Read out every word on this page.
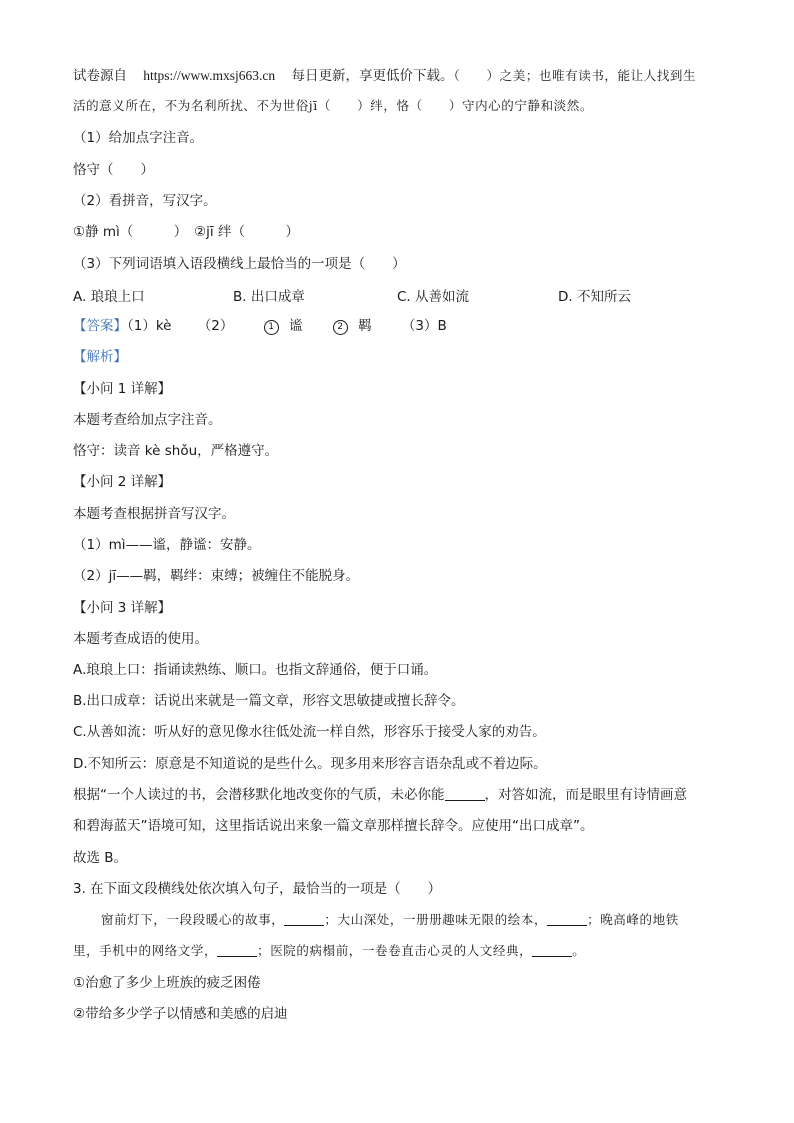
试卷源自 https://www.mxsj663.cn 每日更新，享更低价下载。（　　）之美；也唯有读书，能让人找到生
活的意义所在，不为名利所扰、不为世俗jī（　　）绊，恪（　　）守内心的宁静和淡然。
（1）给加点字注音。
恪守（　　）
（2）看拼音，写汉字。
①静 mì（　　　）　②jī 绊（　　　）
（3）下列词语填入语段横线上最恰当的一项是（　　）
A. 琅琅上口	B. 出口成章	C. 从善如流	D. 不知所云
【答案】（1）kè （2）	1 谧	2 羁 （3）B
【解析】
【小问 1 详解】
本题考查给加点字注音。
恪守：读音 kè shǒu，严格遵守。
【小问 2 详解】
本题考查根据拼音写汉字。
（1）mì——谧，静谧：安静。
（2）jī——羁，羁绊：束缚；被缠住不能脱身。
【小问 3 详解】
本题考查成语的使用。
A.琅琅上口：指诵读熟练、顺口。也指文辞通俗，便于口诵。
B.出口成章：话说出来就是一篇文章，形容文思敏捷或擅长辞令。
C.从善如流：听从好的意见像水往低处流一样自然，形容乐于接受人家的劝告。
D.不知所云：原意是不知道说的是些什么。现多用来形容言语杂乱或不着边际。
根据“一个人读过的书，会潜移默化地改变你的气质，未必你能	，对答如流，而是眼里有诗情画意
和碧海蓝天”语境可知，这里指话说出来象一篇文章那样擅长辞令。应使用“出口成章”。
故选 B。
3. 在下面文段横线处依次填入句子，最恰当的一项是（　　）
窗前灯下，一段段暖心的故事，	；大山深处，一册册趣味无限的绘本，	；晚高峰的地铁
里，手机中的网络文学，	；医院的病榻前，一卷卷直击心灵的人文经典，	。
①治愈了多少上班族的疲乏困倦
②带给多少学子以情感和美感的启迪
